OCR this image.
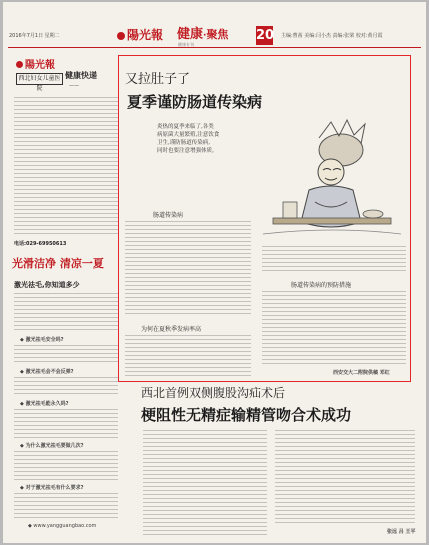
2016年7月1日 星期二	陽光報 健康·聚焦
健康专刊
20 主编:曹茜 美编:闫小杰 责编:张梁 校对:黄月霞
陽光報
西北妇女儿童医院
健康快递
——
电话:029-69950613
光滑洁净 清凉一夏
激光祛毛,你知道多少
◆ 激光祛毛安全吗?
◆ 激光祛毛会不会反弹?
◆ 激光祛毛能永久吗?
◆ 为什么激光祛毛要做几次?
◆ 对于激光祛毛有什么要求?
◆ www.yangguangbao.com
又拉肚子了
夏季谨防肠道传染病
炎热的夏季来临了,各类
病原菌大量繁殖,注意饮食
卫生,谨防肠道传染病,
同时也要注意增强体质。
肠道传染病
为何在夏秋季发病率高
肠道传染病的预防措施
西安交大二附院供稿 邓红
西北首例双侧腹股沟疝术后
梗阻性无精症输精管吻合术成功
张远 吕 王平
